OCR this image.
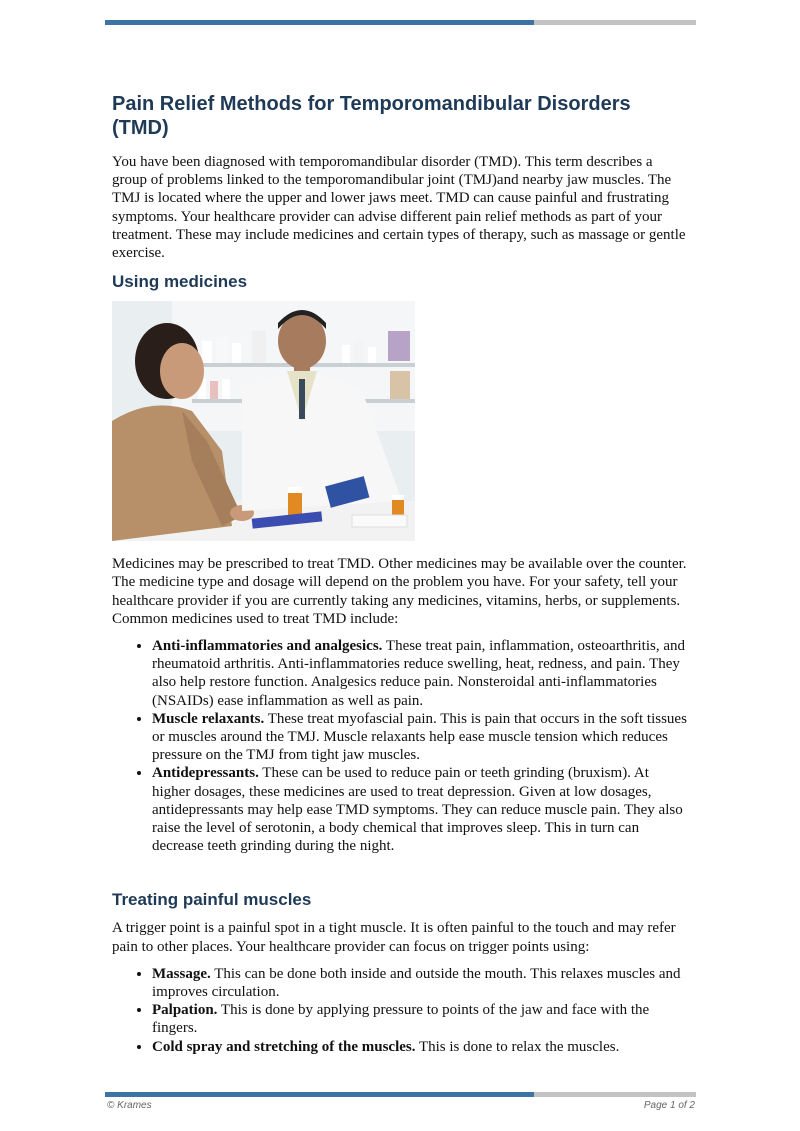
Pain Relief Methods for Temporomandibular Disorders (TMD)

You have been diagnosed with temporomandibular disorder (TMD). This term describes a group of problems linked to the temporomandibular joint (TMJ)and nearby jaw muscles. The TMJ is located where the upper and lower jaws meet. TMD can cause painful and frustrating symptoms. Your healthcare provider can advise different pain relief methods as part of your treatment. These may include medicines and certain types of therapy, such as massage or gentle exercise.

Using medicines

Medicines may be prescribed to treat TMD. Other medicines may be available over the counter. The medicine type and dosage will depend on the problem you have. For your safety, tell your healthcare provider if you are currently taking any medicines, vitamins, herbs, or supplements. Common medicines used to treat TMD include:

• Anti-inflammatories and analgesics. These treat pain, inflammation, osteoarthritis, and rheumatoid arthritis. Anti-inflammatories reduce swelling, heat, redness, and pain. They also help restore function. Analgesics reduce pain. Nonsteroidal anti-inflammatories (NSAIDs) ease inflammation as well as pain.
• Muscle relaxants. These treat myofascial pain. This is pain that occurs in the soft tissues or muscles around the TMJ. Muscle relaxants help ease muscle tension which reduces pressure on the TMJ from tight jaw muscles.
• Antidepressants. These can be used to reduce pain or teeth grinding (bruxism). At higher dosages, these medicines are used to treat depression. Given at low dosages, antidepressants may help ease TMD symptoms. They can reduce muscle pain. They also raise the level of serotonin, a body chemical that improves sleep. This in turn can decrease teeth grinding during the night.
Treating painful muscles

A trigger point is a painful spot in a tight muscle. It is often painful to the touch and may refer pain to other places. Your healthcare provider can focus on trigger points using:

• Massage. This can be done both inside and outside the mouth. This relaxes muscles and improves circulation.
• Palpation. This is done by applying pressure to points of the jaw and face with the fingers.
• Cold spray and stretching of the muscles. This is done to relax the muscles.
© Krames	Page 1 of 2
